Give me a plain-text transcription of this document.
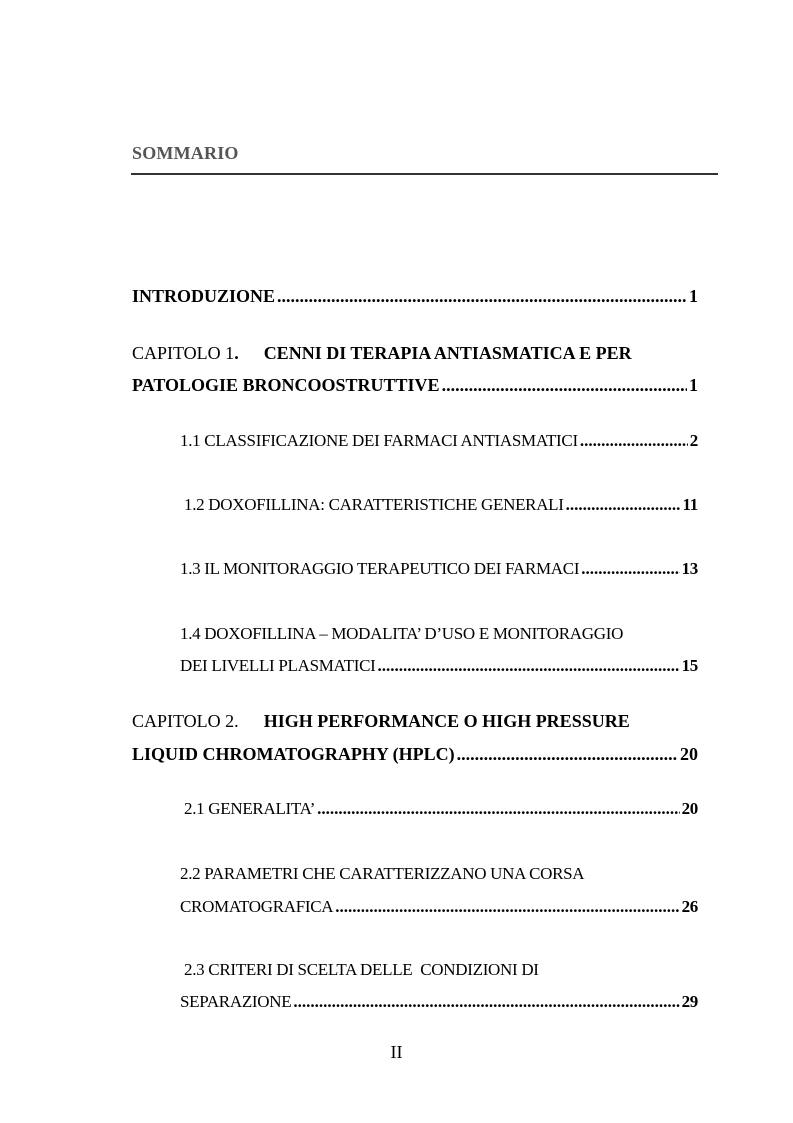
SOMMARIO
INTRODUZIONE .....	1
CAPITOLO 1. CENNI DI TERAPIA ANTIASMATICA E PER
PATOLOGIE BRONCOOSTRUTTIVE .....	1
1.1 CLASSIFICAZIONE DEI FARMACI ANTIASMATICI .....	2
1.2 DOXOFILLINA: CARATTERISTICHE GENERALI .....	11
1.3 IL MONITORAGGIO TERAPEUTICO DEI FARMACI .....	13
1.4 DOXOFILLINA – MODALITA’ D’USO E MONITORAGGIO
DEI LIVELLI PLASMATICI .....	15
CAPITOLO 2. HIGH PERFORMANCE O HIGH PRESSURE
LIQUID CHROMATOGRAPHY (HPLC) .....	20
2.1 GENERALITA’ .....	20
2.2 PARAMETRI CHE CARATTERIZZANO UNA CORSA
CROMATOGRAFICA .....	26
2.3 CRITERI DI SCELTA DELLE  CONDIZIONI DI
SEPARAZIONE .....	29
II
